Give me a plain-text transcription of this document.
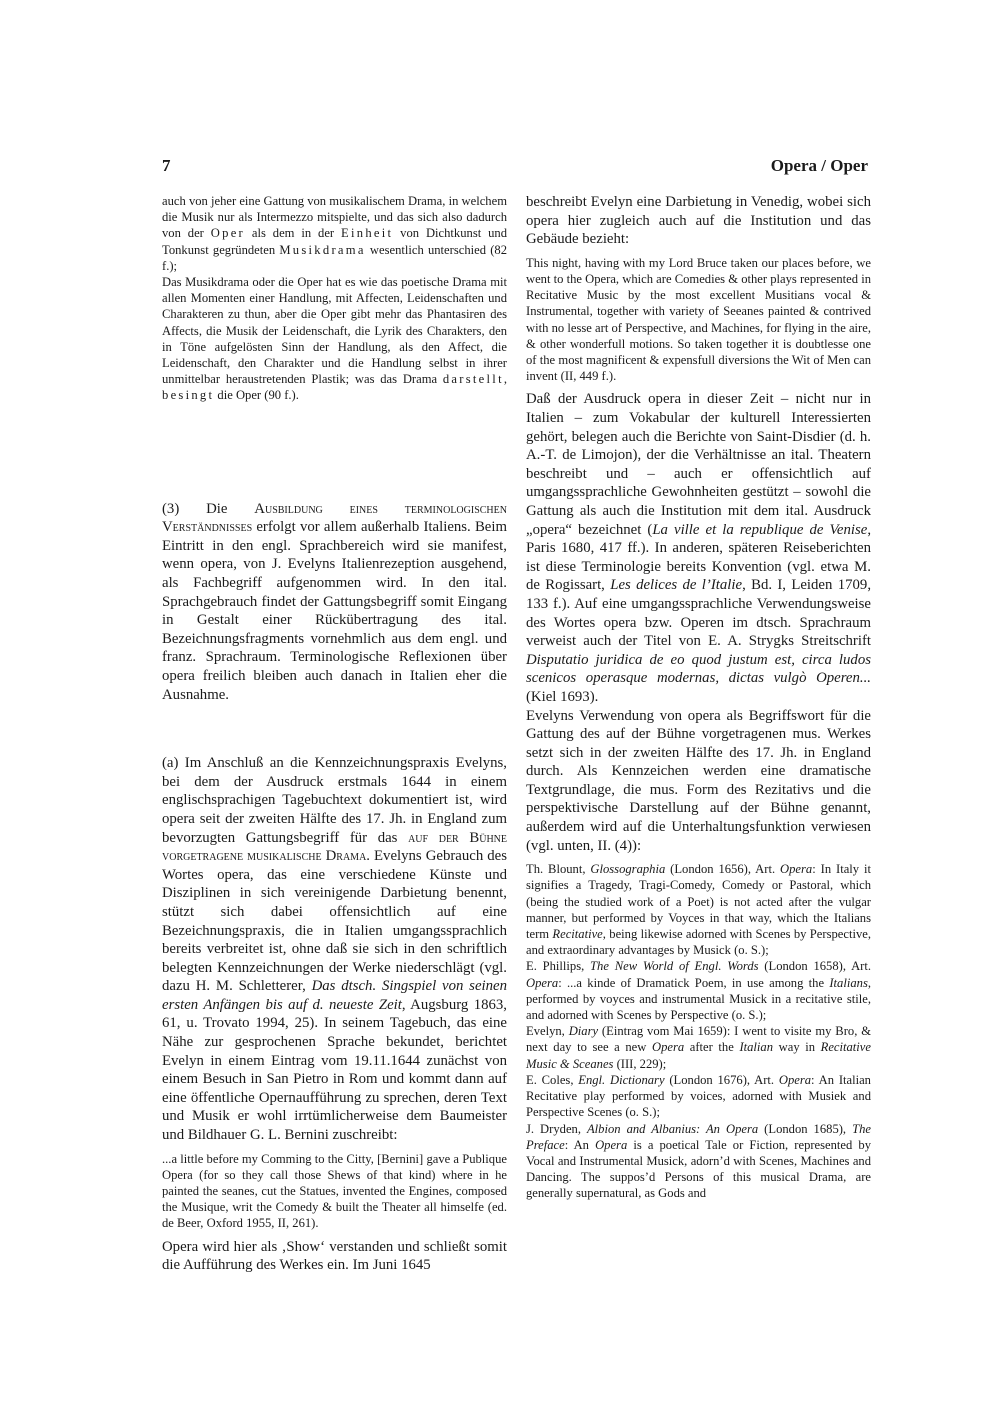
7	Opera / Oper

auch von jeher eine Gattung von musikalischem Drama, in welchem die Musik nur als Intermezzo mitspielte, und das sich also dadurch von der Oper als dem in der Einheit von Dichtkunst und Tonkunst gegründeten Musikdrama wesentlich unterschied (82 f.);

Das Musikdrama oder die Oper hat es wie das poetische Drama mit allen Momenten einer Handlung, mit Affecten, Leidenschaften und Charakteren zu thun, aber die Oper gibt mehr das Phantasiren des Affects, die Musik der Leidenschaft, die Lyrik des Charakters, den in Töne aufgelösten Sinn der Handlung, als den Affect, die Leidenschaft, den Charakter und die Handlung selbst in ihrer unmittelbar heraustretenden Plastik; was das Drama darstellt, besingt die Oper (90 f.).

(3) Die Ausbildung eines terminologischen Verständnisses erfolgt vor allem außerhalb Italiens. Beim Eintritt in den engl. Sprachbereich wird sie manifest, wenn opera, von J. Evelyns Italienrezeption ausgehend, als Fachbegriff aufgenommen wird. In den ital. Sprachgebrauch findet der Gattungsbegriff somit Eingang in Gestalt einer Rückübertragung des ital. Bezeichnungsfragments vornehmlich aus dem engl. und franz. Sprachraum. Terminologische Reflexionen über opera freilich bleiben auch danach in Italien eher die Ausnahme.

(a) Im Anschluß an die Kennzeichnungspraxis Evelyns, bei dem der Ausdruck erstmals 1644 in einem englischsprachigen Tagebuchtext dokumentiert ist, wird opera seit der zweiten Hälfte des 17. Jh. in England zum bevorzugten Gattungsbegriff für das auf der Bühne vorgetragene musikalische Drama. Evelyns Gebrauch des Wortes opera, das eine verschiedene Künste und Disziplinen in sich vereinigende Darbietung benennt, stützt sich dabei offensichtlich auf eine Bezeichnungspraxis, die in Italien umgangssprachlich bereits verbreitet ist, ohne daß sie sich in den schriftlich belegten Kennzeichnungen der Werke niederschlägt (vgl. dazu H. M. Schletterer, Das dtsch. Singspiel von seinen ersten Anfängen bis auf d. neueste Zeit, Augsburg 1863, 61, u. Trovato 1994, 25). In seinem Tagebuch, das eine Nähe zur gesprochenen Sprache bekundet, berichtet Evelyn in einem Eintrag vom 19.11.1644 zunächst von einem Besuch in San Pietro in Rom und kommt dann auf eine öffentliche Opernaufführung zu sprechen, deren Text und Musik er wohl irrtümlicherweise dem Baumeister und Bildhauer G. L. Bernini zuschreibt:

...a little before my Comming to the Citty, [Bernini] gave a Publique Opera (for so they call those Shews of that kind) where in he painted the seanes, cut the Statues, invented the Engines, composed the Musique, writ the Comedy & built the Theater all himselfe (ed. de Beer, Oxford 1955, II, 261).

Opera wird hier als ‚Show‘ verstanden und schließt somit die Aufführung des Werkes ein. Im Juni 1645

beschreibt Evelyn eine Darbietung in Venedig, wobei sich opera hier zugleich auch auf die Institution und das Gebäude bezieht:

This night, having with my Lord Bruce taken our places before, we went to the Opera, which are Comedies & other plays represented in Recitative Music by the most excellent Musitians vocal & Instrumental, together with variety of Seeanes painted & contrived with no lesse art of Perspective, and Machines, for flying in the aire, & other wonderfull motions. So taken together it is doubtlesse one of the most magnificent & expensfull diversions the Wit of Men can invent (II, 449 f.).

Daß der Ausdruck opera in dieser Zeit – nicht nur in Italien – zum Vokabular der kulturell Interessierten gehört, belegen auch die Berichte von Saint-Disdier (d. h. A.-T. de Limojon), der die Verhältnisse an ital. Theatern beschreibt und – auch er offensichtlich auf umgangssprachliche Gewohnheiten gestützt – sowohl die Gattung als auch die Institution mit dem ital. Ausdruck „opera“ bezeichnet (La ville et la republique de Venise, Paris 1680, 417 ff.). In anderen, späteren Reiseberichten ist diese Terminologie bereits Konvention (vgl. etwa M. de Rogissart, Les delices de l’Italie, Bd. I, Leiden 1709, 133 f.). Auf eine umgangssprachliche Verwendungsweise des Wortes opera bzw. Operen im dtsch. Sprachraum verweist auch der Titel von E. A. Strygks Streitschrift Disputatio juridica de eo quod justum est, circa ludos scenicos operasque modernas, dictas vulgò Operen... (Kiel 1693).

Evelyns Verwendung von opera als Begriffswort für die Gattung des auf der Bühne vorgetragenen mus. Werkes setzt sich in der zweiten Hälfte des 17. Jh. in England durch. Als Kennzeichen werden eine dramatische Textgrundlage, die mus. Form des Rezitativs und die perspektivische Darstellung auf der Bühne genannt, außerdem wird auf die Unterhaltungsfunktion verwiesen (vgl. unten, II. (4)):

Th. Blount, Glossographia (London 1656), Art. Opera: In Italy it signifies a Tragedy, Tragi-Comedy, Comedy or Pastoral, which (being the studied work of a Poet) is not acted after the vulgar manner, but performed by Voyces in that way, which the Italians term Recitative, being likewise adorned with Scenes by Perspective, and extraordinary advantages by Musick (o. S.);

E. Phillips, The New World of Engl. Words (London 1658), Art. Opera: ...a kinde of Dramatick Poem, in use among the Italians, performed by voyces and instrumental Musick in a recitative stile, and adorned with Scenes by Perspective (o. S.);

Evelyn, Diary (Eintrag vom Mai 1659): I went to visite my Bro, & next day to see a new Opera after the Italian way in Recitative Music & Sceanes (III, 229);

E. Coles, Engl. Dictionary (London 1676), Art. Opera: An Italian Recitative play performed by voices, adorned with Musiek and Perspective Scenes (o. S.);

J. Dryden, Albion and Albanius: An Opera (London 1685), The Preface: An Opera is a poetical Tale or Fiction, represented by Vocal and Instrumental Musick, adorn’d with Scenes, Machines and Dancing. The suppos’d Persons of this musical Drama, are generally supernatural, as Gods and
